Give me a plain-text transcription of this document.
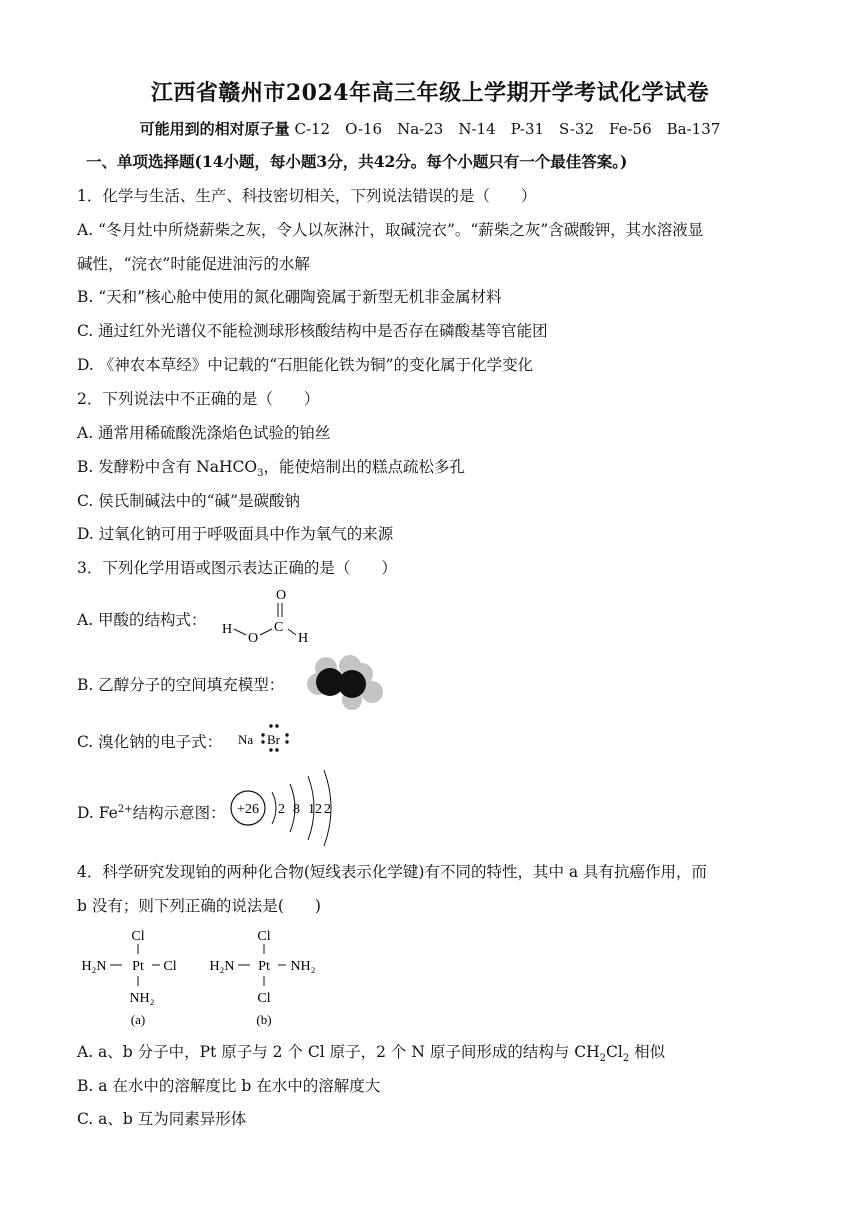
江西省赣州市2024年高三年级上学期开学考试化学试卷
可能用到的相对原子量 C-12　O-16　Na-23　N-14　P-31　S-32　Fe-56　Ba-137
一、单项选择题(14小题，每小题3分，共42分。每个小题只有一个最佳答案。)
1．化学与生活、生产、科技密切相关，下列说法错误的是（　　）
A. “冬月灶中所烧薪柴之灰，令人以灰淋汁，取碱浣衣”。“薪柴之灰”含碳酸钾，其水溶液显
碱性，“浣衣”时能促进油污的水解
B. “天和”核心舱中使用的氮化硼陶瓷属于新型无机非金属材料
C. 通过红外光谱仪不能检测球形核酸结构中是否存在磷酸基等官能团
D. 《神农本草经》中记载的“石胆能化铁为铜”的变化属于化学变化
2．下列说法中不正确的是（　　）
A. 通常用稀硫酸洗涤焰色试验的铂丝
B. 发酵粉中含有 NaHCO$_3$，能使焙制出的糕点疏松多孔
C. 侯氏制碱法中的“碱”是碳酸钠
D. 过氧化钠可用于呼吸面具中作为氧气的来源
3．下列化学用语或图示表达正确的是（　　）
A. 甲酸的结构式：
O
C
H
O	H
B. 乙醇分子的空间填充模型：
C. 溴化钠的电子式： Na Br
D. $Fe^{2+}$结构示意图： +26 2 8 12 2
4．科学研究发现铂的两种化合物(短线表示化学键)有不同的特性，其中 a 具有抗癌作用，而
b 没有；则下列正确的说法是(　　)
Cl
H₂N Pt Cl
NH₂
(a)
Cl
H₂N Pt NH₂
Cl
(b)
A. a、b 分子中，Pt 原子与 2 个 Cl 原子，2 个 N 原子间形成的结构与 $CH_2Cl_2$ 相似
B. a 在水中的溶解度比 b 在水中的溶解度大
C. a、b 互为同素异形体
